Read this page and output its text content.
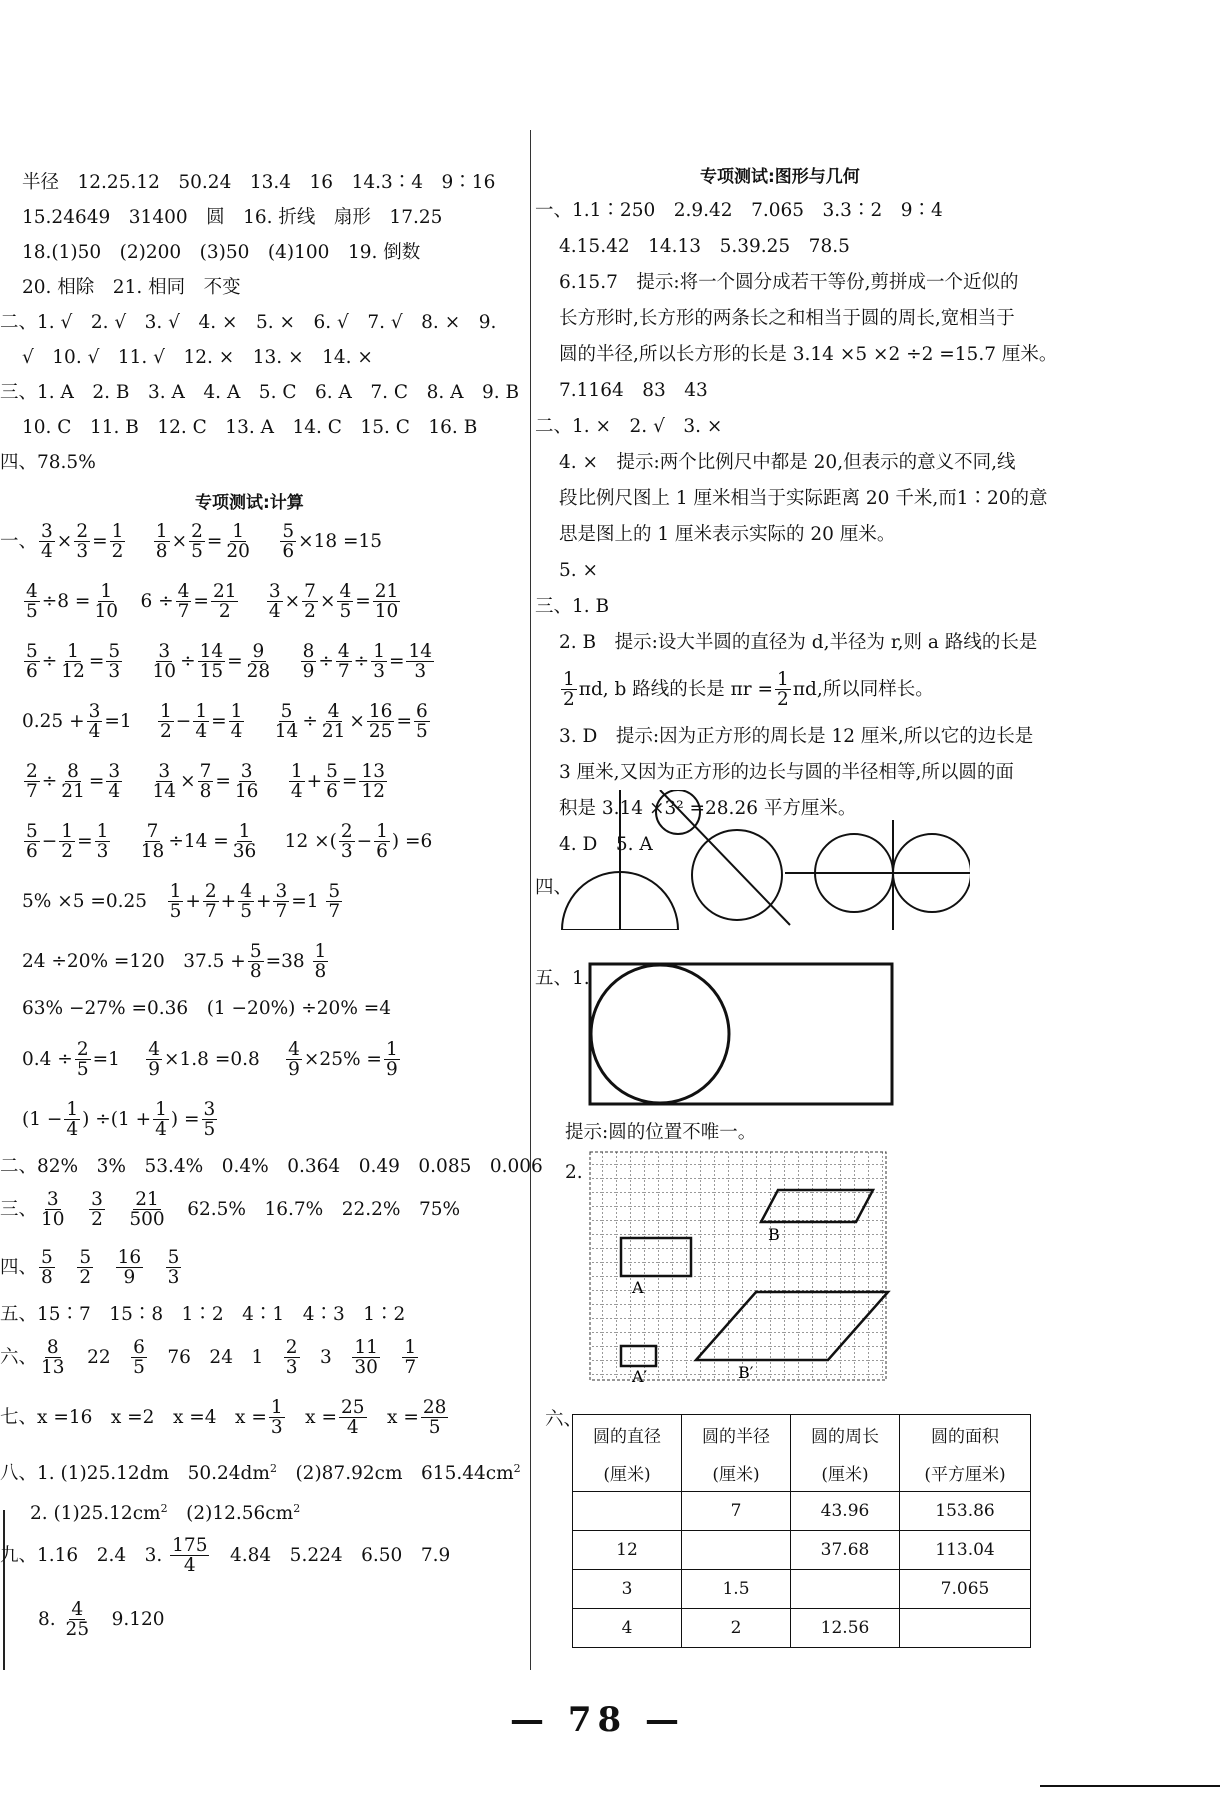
半径　12.25.12　50.24　13.4　16　14.3∶4　9∶16
15.24649　31400　圆　16. 折线　扇形　17.25
18.(1)50　(2)200　(3)50　(4)100　19. 倒数
20. 相除　21. 相同　不变
二、1. √　2. √　3. √　4. ×　5. ×　6. √　7. √　8. ×　9.
√　10. √　11. √　12. ×　13. ×　14. ×
三、1. A　2. B　3. A　4. A　5. C　6. A　7. C　8. A　9. B
10. C　11. B　12. C　13. A　14. C　15. C　16. B
四、78.5%
专项测试:计算
一、 $\frac{3}{4} \times \frac{2}{3} = \frac{1}{2}$
　 $\frac{1}{8} \times \frac{2}{5} = \frac{1}{20}$
　 $\frac{5}{6} \times 18 =15$
$\frac{4}{5} \div 8 = \frac{1}{10}$ 　$6 \div \frac{4}{7} = \frac{21}{2}$
　 $\frac{3}{4} \times \frac{7}{2} \times \frac{4}{5} = \frac{21}{10}$
$\frac{5}{6} \div \frac{1}{12} = \frac{5}{3}$
　 $\frac{3}{10} \div \frac{14}{15} = \frac{9}{28}$
　 $\frac{8}{9} \div \frac{4}{7} \div \frac{1}{3} = \frac{14}{3}$
$0.25 + \frac{3}{4} =1$　 $\frac{1}{2} - \frac{1}{4} = \frac{1}{4}$
　 $\frac{5}{14} \div \frac{4}{21} \times \frac{16}{25} = \frac{6}{5}$
$\frac{2}{7} \div \frac{8}{21} = \frac{3}{4}$
　 $\frac{3}{14} \times \frac{7}{8} = \frac{3}{16}$
　 $\frac{1}{4} + \frac{5}{6} = \frac{13}{12}$
$\frac{5}{6} - \frac{1}{2} = \frac{1}{3}$
　 $\frac{7}{18} \div 14 = \frac{1}{36}$ 　 12 ×( $\frac{2}{3} - \frac{1}{6}$ ) =6
5% ×5 =0.25　 $\frac{1}{5} + \frac{2}{7} + \frac{4}{5} + \frac{3}{7} =1 \frac{5}{7}$
24 ÷20% =120　$37.5 + \frac{5}{8} =38 \frac{1}{8}$
63% −27% =0.36　(1 −20%) ÷20% =4
$0.4 \div \frac{2}{5} =1$　 $\frac{4}{9} \times 1.8 =0.8$　 $\frac{4}{9} \times 25\% = \frac{1}{9}$
($1 - \frac{1}{4}$ ) $\div(1 + \frac{1}{4}$ ) = $\frac{3}{5}$
二、82%　3%　53.4%　0.4%　0.364　0.49　0.085　0.006
三、 $\frac{3}{10}$
　 $\frac{3}{2}$
　 $\frac{21}{500}$ 　62.5%　16.7%　22.2%　75%
四、 $\frac{5}{8}$
　 $\frac{5}{2}$
　 $\frac{16}{9}$
　 $\frac{5}{3}$
五、15∶7　15∶8　1∶2　4∶1　4∶3　1∶2
六、 $\frac{8}{13}$ 　22　 $\frac{6}{5}$ 　76　24　1　 $\frac{2}{3}$ 　3　 $\frac{11}{30}$
　 $\frac{1}{7}$
七、x =16　x =2　x =4　$x = \frac{1}{3}$ 　$x = \frac{25}{4}$ 　$x = \frac{28}{5}$
八、1. (1)25.12dm　$50.24dm^2$　 (2)87.92cm　$615.44cm^2$
2. $(1)25.12cm^2$　 $(2)12.56cm^2$
九、1.16　2.4　3. $\frac{175}{4}$
　 4.84　5.224　6.50　7.9
8. $\frac{4}{25}$
　 9.120
专项测试:图形与几何
一、1.1∶250　2.9.42　7.065　3.3∶2　9∶4
4.15.42　14.13　5.39.25　78.5
6.15.7　提示:将一个圆分成若干等份,剪拼成一个近似的
长方形时,长方形的两条长之和相当于圆的周长,宽相当于
圆的半径,所以长方形的长是 3.14 ×5 ×2 ÷2 =15.7 厘米。
7.1164　83　43
二、1. ×　2. √　3. ×
4. ×　提示:两个比例尺中都是 20,但表示的意义不同,线
段比例尺图上 1 厘米相当于实际距离 20 千米,而1∶20的意
思是图上的 1 厘米表示实际的 20 厘米。
5. ×
三、1. B
2. B　提示:设大半圆的直径为 d,半径为 r,则 a 路线的长是
$\frac{1}{2} \pi d$, b 路线的长是 $\pi r = \frac{1}{2} \pi d$,所以同样长。
3. D　提示:因为正方形的周长是 12 厘米,所以它的边长是
3 厘米,又因为正方形的边长与圆的半径相等,所以圆的面
积是 3.14 ×3² =28.26 平方厘米。
4. D　5. A
四、
五、1.
提示:圆的位置不唯一。
2.
A
B
A′	B′
六、
圆的直径	圆的半径	圆的周长	圆的面积
(厘米)	(厘米)	(厘米)	(平方厘米)
	7	43.96	153.86
12		37.68	113.04
3	1.5		7.065
4	2	12.56	
— 78 —
